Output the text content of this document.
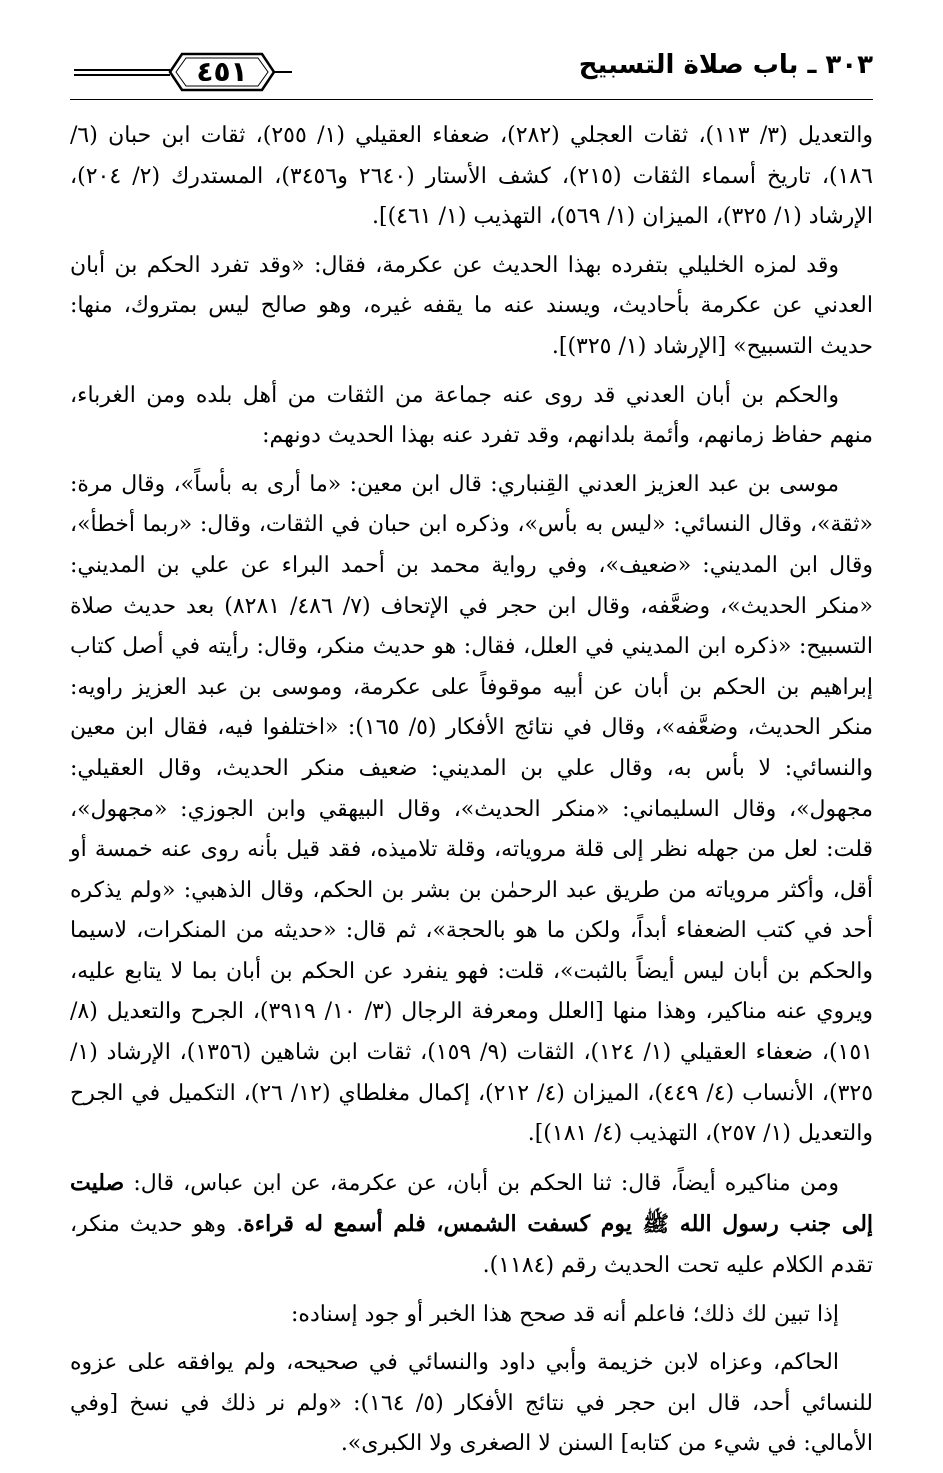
٤٥١	٣٠٣ ـ باب صلاة التسبيح

والتعديل (٣/ ١١٣)، ثقات العجلي (٢٨٢)، ضعفاء العقيلي (١/ ٢٥٥)، ثقات ابن حبان (٦/ ١٨٦)، تاريخ أسماء الثقات (٢١٥)، كشف الأستار (٢٦٤٠ و٣٤٥٦)، المستدرك (٢/ ٢٠٤)، الإرشاد (١/ ٣٢٥)، الميزان (١/ ٥٦٩)، التهذيب (١/ ٤٦١)].

وقد لمزه الخليلي بتفرده بهذا الحديث عن عكرمة، فقال: «وقد تفرد الحكم بن أبان العدني عن عكرمة بأحاديث، ويسند عنه ما يقفه غيره، وهو صالح ليس بمتروك، منها: حديث التسبيح» [الإرشاد (١/ ٣٢٥)].

والحكم بن أبان العدني قد روى عنه جماعة من الثقات من أهل بلده ومن الغرباء، منهم حفاظ زمانهم، وأئمة بلدانهم، وقد تفرد عنه بهذا الحديث دونهم:

موسى بن عبد العزيز العدني القِنباري: قال ابن معين: «ما أرى به بأساً»، وقال مرة: «ثقة»، وقال النسائي: «ليس به بأس»، وذكره ابن حبان في الثقات، وقال: «ربما أخطأ»، وقال ابن المديني: «ضعيف»، وفي رواية محمد بن أحمد البراء عن علي بن المديني: «منكر الحديث»، وضعَّفه، وقال ابن حجر في الإتحاف (٧/ ٤٨٦/ ٨٢٨١) بعد حديث صلاة التسبيح: «ذكره ابن المديني في العلل، فقال: هو حديث منكر، وقال: رأيته في أصل كتاب إبراهيم بن الحكم بن أبان عن أبيه موقوفاً على عكرمة، وموسى بن عبد العزيز راويه: منكر الحديث، وضعَّفه»، وقال في نتائج الأفكار (٥/ ١٦٥): «اختلفوا فيه، فقال ابن معين والنسائي: لا بأس به، وقال علي بن المديني: ضعيف منكر الحديث، وقال العقيلي: مجهول»، وقال السليماني: «منكر الحديث»، وقال البيهقي وابن الجوزي: «مجهول»، قلت: لعل من جهله نظر إلى قلة مروياته، وقلة تلاميذه، فقد قيل بأنه روى عنه خمسة أو أقل، وأكثر مروياته من طريق عبد الرحمٰن بن بشر بن الحكم، وقال الذهبي: «ولم يذكره أحد في كتب الضعفاء أبداً، ولكن ما هو بالحجة»، ثم قال: «حديثه من المنكرات، لاسيما والحكم بن أبان ليس أيضاً بالثبت»، قلت: فهو ينفرد عن الحكم بن أبان بما لا يتابع عليه، ويروي عنه مناكير، وهذا منها [العلل ومعرفة الرجال (٣/ ١٠/ ٣٩١٩)، الجرح والتعديل (٨/ ١٥١)، ضعفاء العقيلي (١/ ١٢٤)، الثقات (٩/ ١٥٩)، ثقات ابن شاهين (١٣٥٦)، الإرشاد (١/ ٣٢٥)، الأنساب (٤/ ٤٤٩)، الميزان (٤/ ٢١٢)، إكمال مغلطاي (١٢/ ٢٦)، التكميل في الجرح والتعديل (١/ ٢٥٧)، التهذيب (٤/ ١٨١)].

ومن مناكيره أيضاً، قال: ثنا الحكم بن أبان، عن عكرمة، عن ابن عباس، قال: صليت إلى جنب رسول الله ﷺ يوم كسفت الشمس، فلم أسمع له قراءة. وهو حديث منكر، تقدم الكلام عليه تحت الحديث رقم (١١٨٤).

إذا تبين لك ذلك؛ فاعلم أنه قد صحح هذا الخبر أو جود إسناده:

الحاكم، وعزاه لابن خزيمة وأبي داود والنسائي في صحيحه، ولم يوافقه على عزوه للنسائي أحد، قال ابن حجر في نتائج الأفكار (٥/ ١٦٤): «ولم نر ذلك في نسخ [وفي الأمالي: في شيء من كتابه] السنن لا الصغرى ولا الكبرى».
